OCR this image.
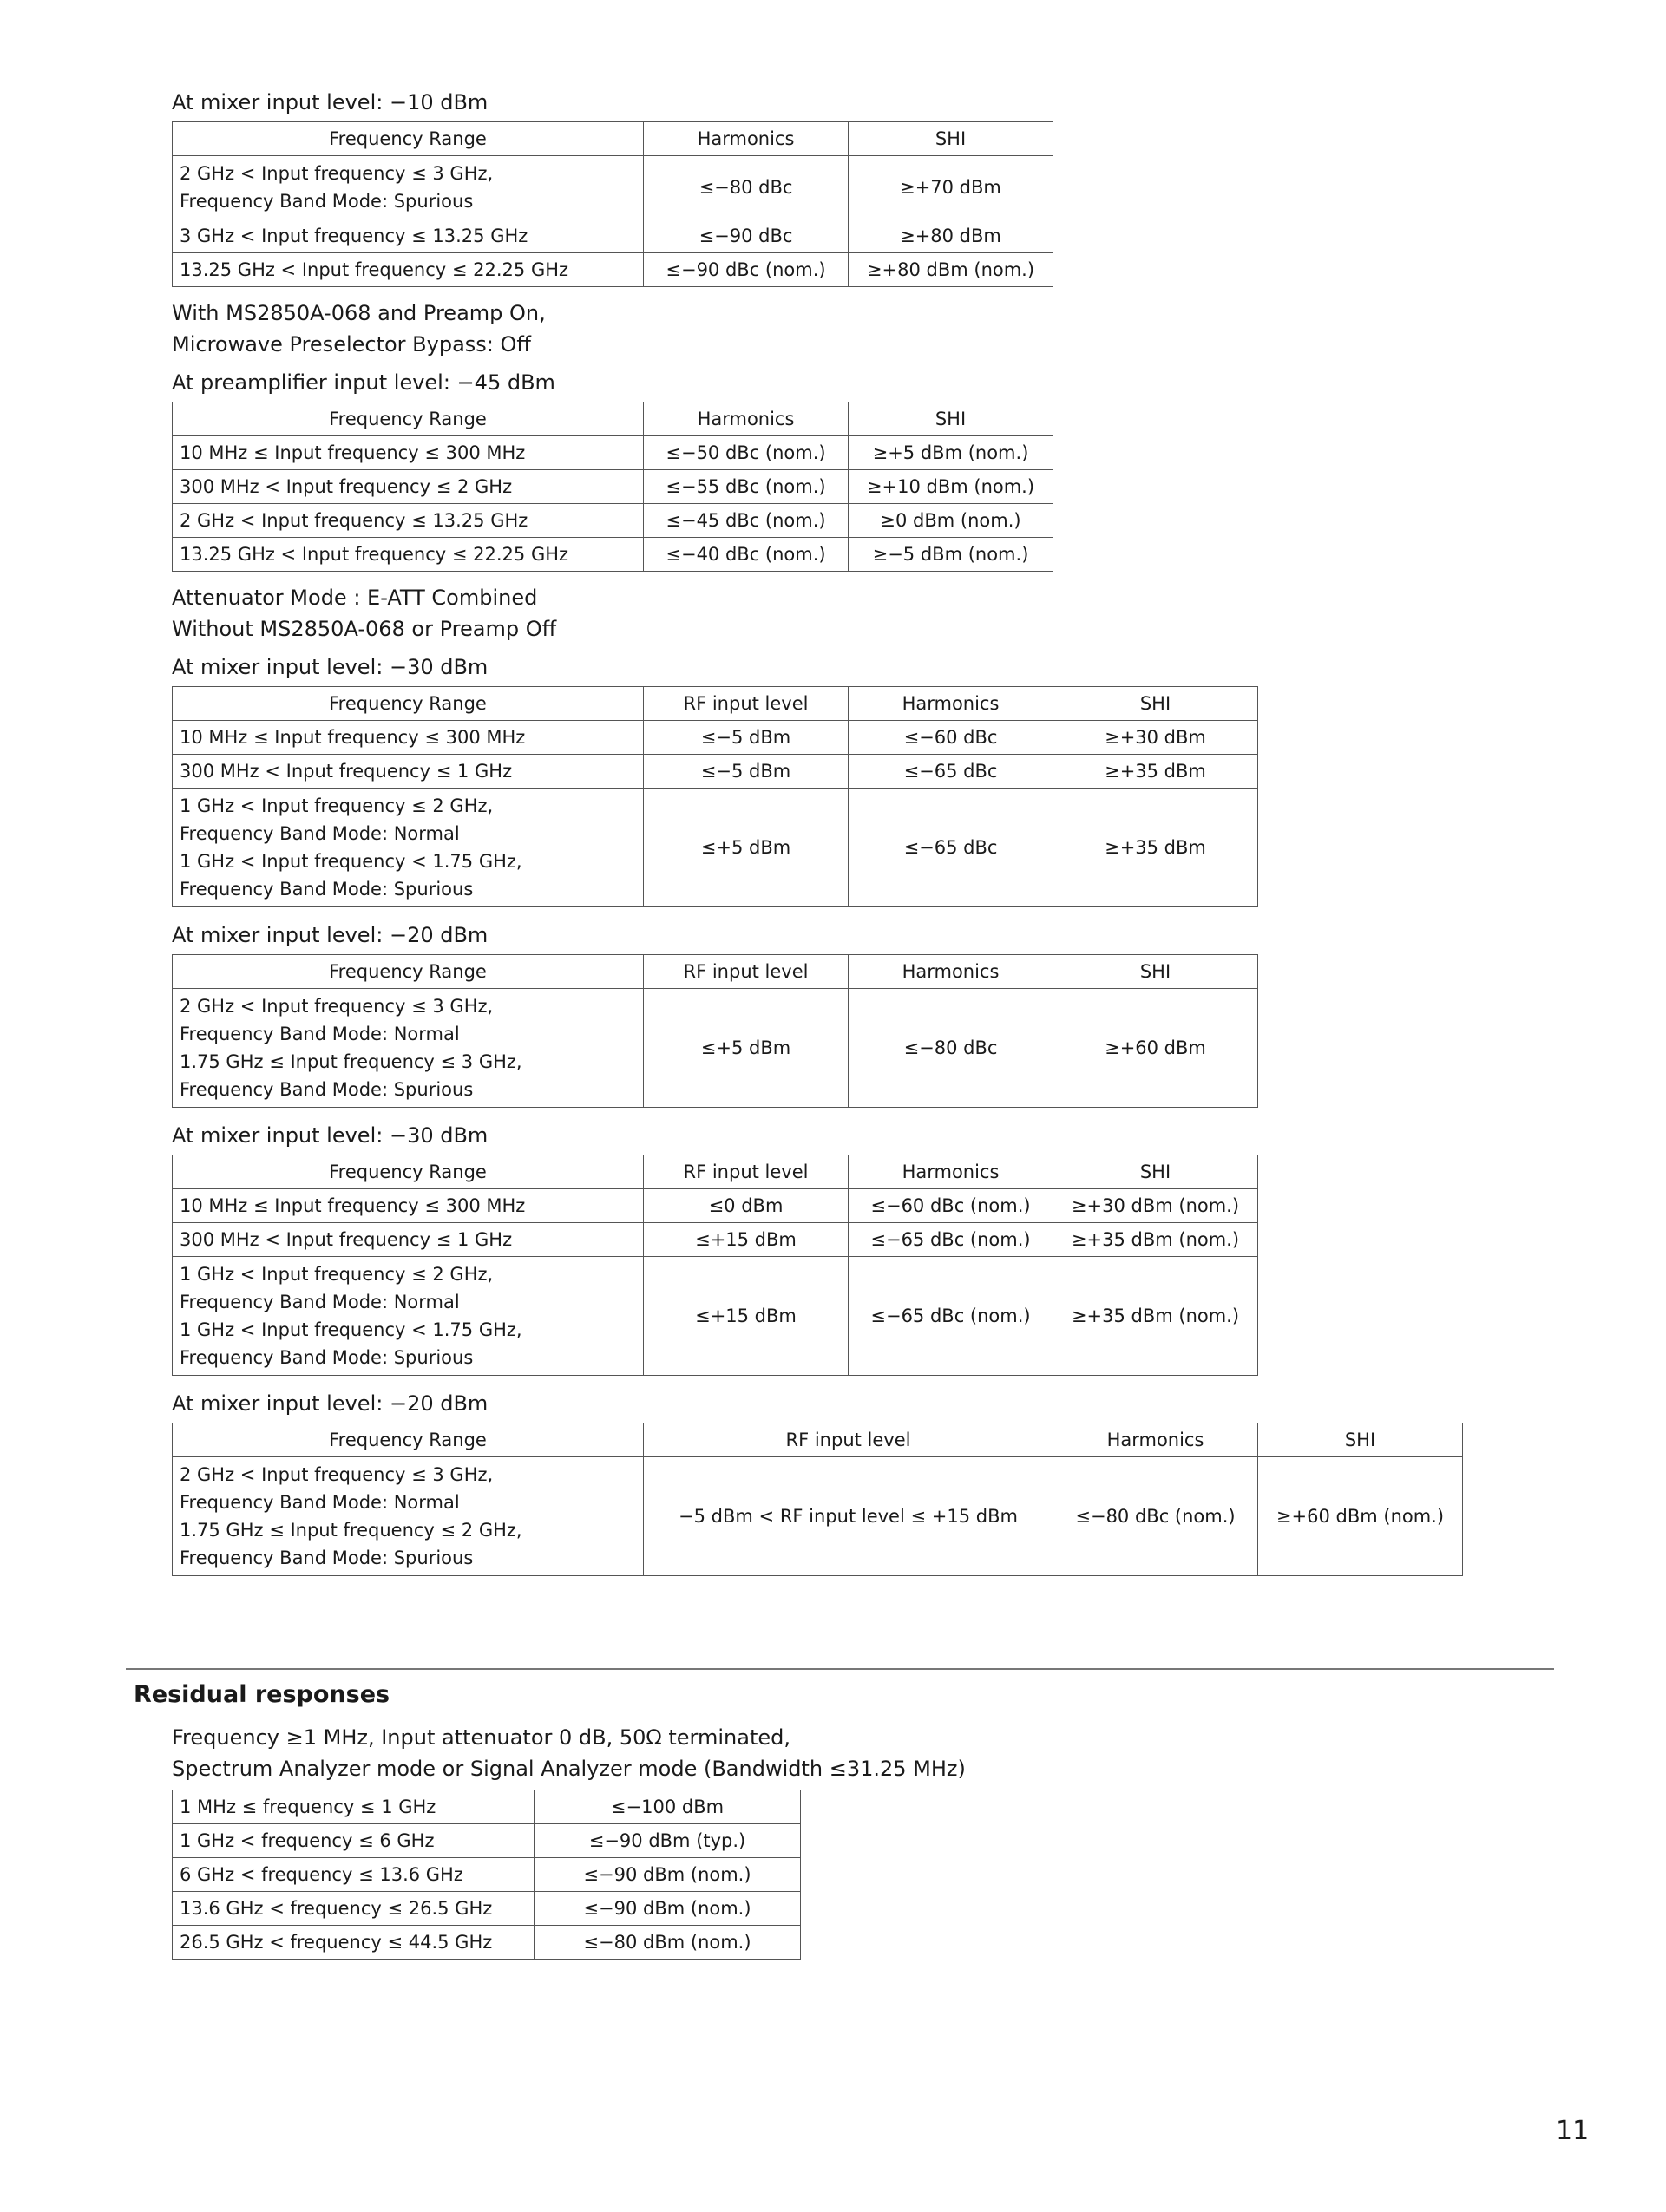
At mixer input level: −10 dBm

Frequency Range	Harmonics	SHI
2 GHz < Input frequency ≤ 3 GHz,
Frequency Band Mode: Spurious	≤−80 dBc	≥+70 dBm
3 GHz < Input frequency ≤ 13.25 GHz	≤−90 dBc	≥+80 dBm
13.25 GHz < Input frequency ≤ 22.25 GHz	≤−90 dBc (nom.)	≥+80 dBm (nom.)

With MS2850A-068 and Preamp On,
Microwave Preselector Bypass: Off

At preamplifier input level: −45 dBm

Frequency Range	Harmonics	SHI
10 MHz ≤ Input frequency ≤ 300 MHz	≤−50 dBc (nom.)	≥+5 dBm (nom.)
300 MHz < Input frequency ≤ 2 GHz	≤−55 dBc (nom.)	≥+10 dBm (nom.)
2 GHz < Input frequency ≤ 13.25 GHz	≤−45 dBc (nom.)	≥0 dBm (nom.)
13.25 GHz < Input frequency ≤ 22.25 GHz	≤−40 dBc (nom.)	≥−5 dBm (nom.)

Attenuator Mode : E-ATT Combined
Without MS2850A-068 or Preamp Off

At mixer input level: −30 dBm

Frequency Range	RF input level	Harmonics	SHI
10 MHz ≤ Input frequency ≤ 300 MHz	≤−5 dBm	≤−60 dBc	≥+30 dBm
300 MHz < Input frequency ≤ 1 GHz	≤−5 dBm	≤−65 dBc	≥+35 dBm
1 GHz < Input frequency ≤ 2 GHz,
Frequency Band Mode: Normal
1 GHz < Input frequency < 1.75 GHz,
Frequency Band Mode: Spurious	≤+5 dBm	≤−65 dBc	≥+35 dBm

At mixer input level: −20 dBm

Frequency Range	RF input level	Harmonics	SHI
2 GHz < Input frequency ≤ 3 GHz,
Frequency Band Mode: Normal
1.75 GHz ≤ Input frequency ≤ 3 GHz,
Frequency Band Mode: Spurious	≤+5 dBm	≤−80 dBc	≥+60 dBm

At mixer input level: −30 dBm

Frequency Range	RF input level	Harmonics	SHI
10 MHz ≤ Input frequency ≤ 300 MHz	≤0 dBm	≤−60 dBc (nom.)	≥+30 dBm (nom.)
300 MHz < Input frequency ≤ 1 GHz	≤+15 dBm	≤−65 dBc (nom.)	≥+35 dBm (nom.)
1 GHz < Input frequency ≤ 2 GHz,
Frequency Band Mode: Normal
1 GHz < Input frequency < 1.75 GHz,
Frequency Band Mode: Spurious	≤+15 dBm	≤−65 dBc (nom.)	≥+35 dBm (nom.)

At mixer input level: −20 dBm

Frequency Range	RF input level	Harmonics	SHI
2 GHz < Input frequency ≤ 3 GHz,
Frequency Band Mode: Normal
1.75 GHz ≤ Input frequency ≤ 2 GHz,
Frequency Band Mode: Spurious	−5 dBm < RF input level ≤ +15 dBm	≤−80 dBc (nom.)	≥+60 dBm (nom.)
Residual responses

Frequency ≥1 MHz, Input attenuator 0 dB, 50Ω terminated,
Spectrum Analyzer mode or Signal Analyzer mode (Bandwidth ≤31.25 MHz)

1 MHz ≤ frequency ≤ 1 GHz	≤−100 dBm
1 GHz < frequency ≤ 6 GHz	≤−90 dBm (typ.)
6 GHz < frequency ≤ 13.6 GHz	≤−90 dBm (nom.)
13.6 GHz < frequency ≤ 26.5 GHz	≤−90 dBm (nom.)
26.5 GHz < frequency ≤ 44.5 GHz	≤−80 dBm (nom.)

11
